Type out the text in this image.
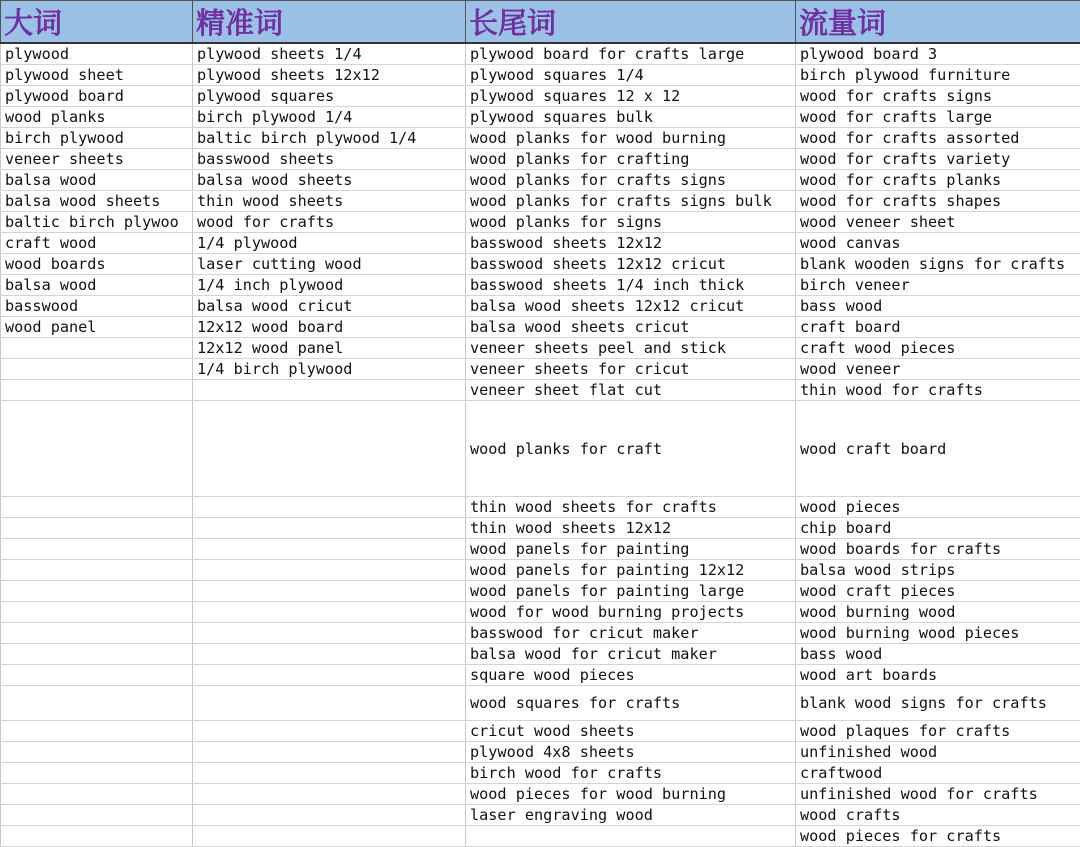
大词	精准词	长尾词	流量词
plywood	plywood sheets 1/4	plywood board for crafts large	plywood board 3
plywood sheet	plywood sheets 12x12	plywood squares 1/4	birch plywood furniture
plywood board	plywood squares	plywood squares 12 x 12	wood for crafts signs
wood planks	birch plywood 1/4	plywood squares bulk	wood for crafts large
birch plywood	baltic birch plywood 1/4	wood planks for wood burning	wood for crafts assorted
veneer sheets	basswood sheets	wood planks for crafting	wood for crafts variety
balsa wood	balsa wood sheets	wood planks for crafts signs	wood for crafts planks
balsa wood sheets	thin wood sheets	wood planks for crafts signs bulk	wood for crafts shapes
baltic birch plywoo	wood for crafts	wood planks for signs	wood veneer sheet
craft wood	1/4 plywood	basswood sheets 12x12	wood canvas
wood boards	laser cutting wood	basswood sheets 12x12 cricut	blank wooden signs for crafts
balsa wood	1/4 inch plywood	basswood sheets 1/4 inch thick	birch veneer
basswood	balsa wood cricut	balsa wood sheets 12x12 cricut	bass wood
wood panel	12x12 wood board	balsa wood sheets cricut	craft board
	12x12 wood panel	veneer sheets peel and stick	craft wood pieces
	1/4 birch plywood	veneer sheets for cricut	wood veneer
		veneer sheet flat cut	thin wood for crafts
		wood planks for craft	wood craft board
		thin wood sheets for crafts	wood pieces
		thin wood sheets 12x12	chip board
		wood panels for painting	wood boards for crafts
		wood panels for painting 12x12	balsa wood strips
		wood panels for painting large	wood craft pieces
		wood for wood burning projects	wood burning wood
		basswood for cricut maker	wood burning wood pieces
		balsa wood for cricut maker	bass wood
		square wood pieces	wood art boards
		wood squares for crafts	blank wood signs for crafts
		cricut wood sheets	wood plaques for crafts
		plywood 4x8 sheets	unfinished wood
		birch wood for crafts	craftwood
		wood pieces for wood burning	unfinished wood for crafts
		laser engraving wood	wood crafts
			wood pieces for crafts
